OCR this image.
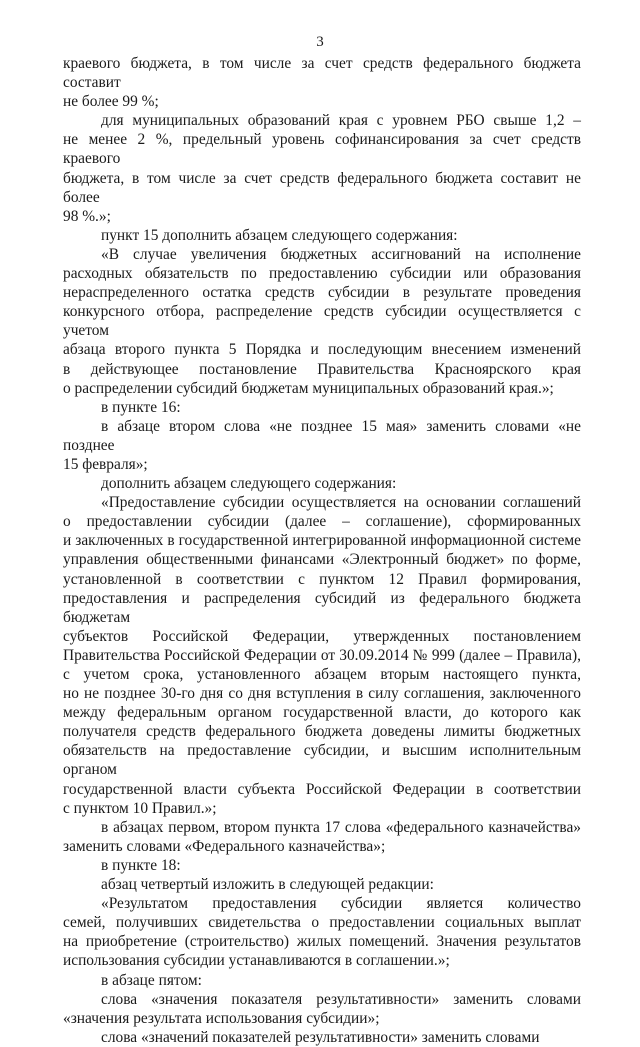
3

краевого бюджета, в том числе за счет средств федерального бюджета составит

не более 99 %;

для муниципальных образований края с уровнем РБО свыше 1,2 –

не менее 2 %, предельный уровень софинансирования за счет средств краевого

бюджета, в том числе за счет средств федерального бюджета составит не более

98 %.»;

пункт 15 дополнить абзацем следующего содержания:

«В случае увеличения бюджетных ассигнований на исполнение

расходных обязательств по предоставлению субсидии или образования

нераспределенного остатка средств субсидии в результате проведения

конкурсного отбора, распределение средств субсидии осуществляется с учетом

абзаца второго пункта 5 Порядка и последующим внесением изменений

в действующее постановление Правительства Красноярского края

о распределении субсидий бюджетам муниципальных образований края.»;

в пункте 16:

в абзаце втором слова «не позднее 15 мая» заменить словами «не позднее

15 февраля»;

дополнить абзацем следующего содержания:

«Предоставление субсидии осуществляется на основании соглашений

о предоставлении субсидии (далее – соглашение), сформированных

и заключенных в государственной интегрированной информационной системе

управления общественными финансами «Электронный бюджет» по форме,

установленной в соответствии с пунктом 12 Правил формирования,

предоставления и распределения субсидий из федерального бюджета бюджетам

субъектов Российской Федерации, утвержденных постановлением

Правительства Российской Федерации от 30.09.2014 № 999 (далее – Правила),

с учетом срока, установленного абзацем вторым настоящего пункта,

но не позднее 30-го дня со дня вступления в силу соглашения, заключенного

между федеральным органом государственной власти, до которого как

получателя средств федерального бюджета доведены лимиты бюджетных

обязательств на предоставление субсидии, и высшим исполнительным органом

государственной власти субъекта Российской Федерации в соответствии

с пунктом 10 Правил.»;

в абзацах первом, втором пункта 17 слова «федерального казначейства»

заменить словами «Федерального казначейства»;

в пункте 18:

абзац четвертый изложить в следующей редакции:

«Результатом предоставления субсидии является количество

семей, получивших свидетельства о предоставлении социальных выплат

на приобретение (строительство) жилых помещений. Значения результатов

использования субсидии устанавливаются в соглашении.»;

в абзаце пятом:

слова «значения показателя результативности» заменить словами

«значения результата использования субсидии»;

слова «значений показателей результативности» заменить словами
